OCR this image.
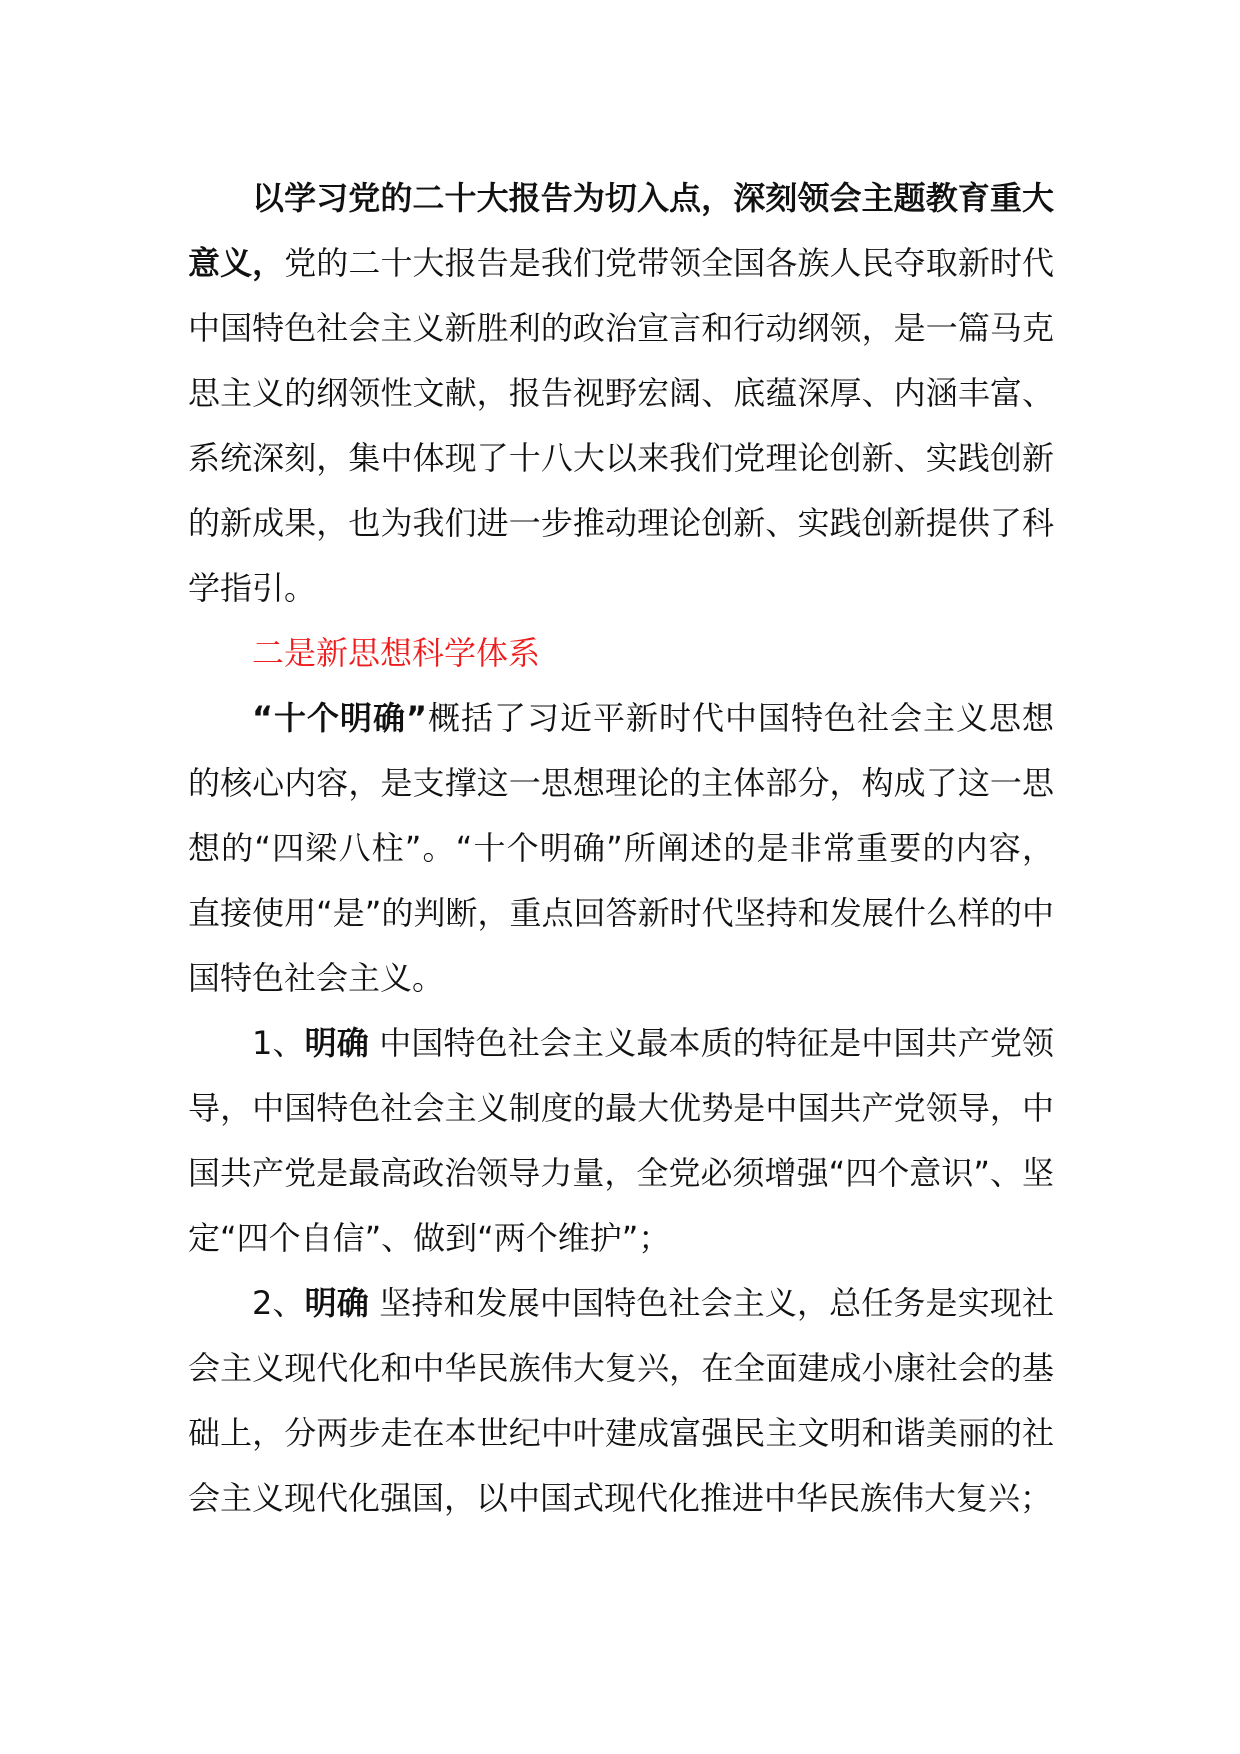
以学习党的二十大报告为切入点，深刻领会主题教育重大意义，党的二十大报告是我们党带领全国各族人民夺取新时代中国特色社会主义新胜利的政治宣言和行动纲领，是一篇马克思主义的纲领性文献，报告视野宏阔、底蕴深厚、内涵丰富、系统深刻，集中体现了十八大以来我们党理论创新、实践创新的新成果，也为我们进一步推动理论创新、实践创新提供了科学指引。

二是新思想科学体系

“十个明确”概括了习近平新时代中国特色社会主义思想的核心内容，是支撑这一思想理论的主体部分，构成了这一思想的“四梁八柱”。“十个明确”所阐述的是非常重要的内容，直接使用“是”的判断，重点回答新时代坚持和发展什么样的中国特色社会主义。

1、明确 中国特色社会主义最本质的特征是中国共产党领导，中国特色社会主义制度的最大优势是中国共产党领导，中国共产党是最高政治领导力量，全党必须增强“四个意识”、坚定“四个自信”、做到“两个维护”；

2、明确 坚持和发展中国特色社会主义，总任务是实现社会主义现代化和中华民族伟大复兴，在全面建成小康社会的基础上，分两步走在本世纪中叶建成富强民主文明和谐美丽的社会主义现代化强国，以中国式现代化推进中华民族伟大复兴；
